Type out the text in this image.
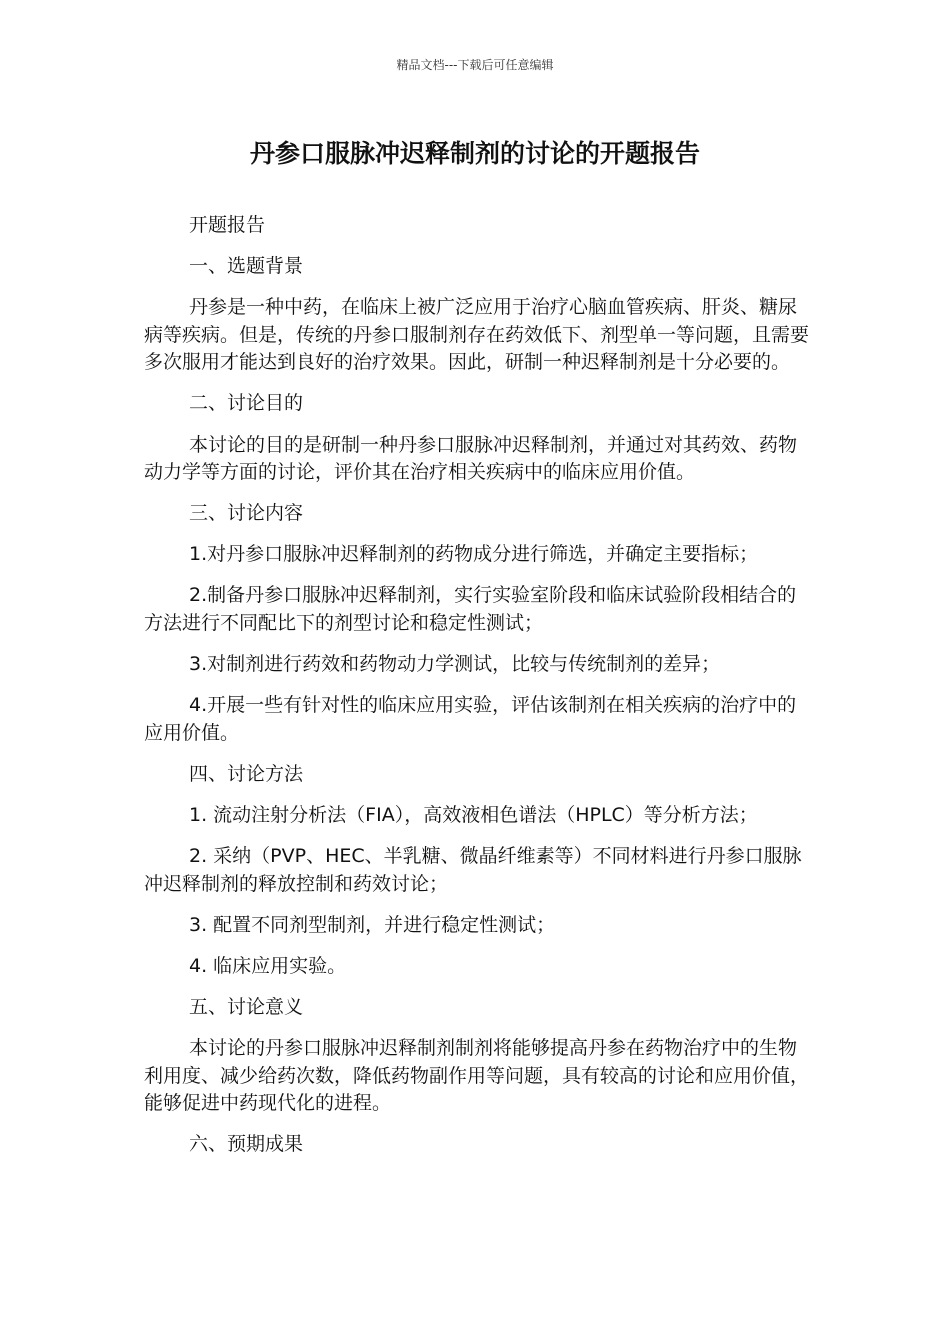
精品文档---下载后可任意编辑
丹参口服脉冲迟释制剂的讨论的开题报告

开题报告

一、选题背景

丹参是一种中药，在临床上被广泛应用于治疗心脑血管疾病、肝炎、糖尿病等疾病。但是，传统的丹参口服制剂存在药效低下、剂型单一等问题，且需要多次服用才能达到良好的治疗效果。因此，研制一种迟释制剂是十分必要的。

二、讨论目的

本讨论的目的是研制一种丹参口服脉冲迟释制剂，并通过对其药效、药物动力学等方面的讨论，评价其在治疗相关疾病中的临床应用价值。

三、讨论内容

1.对丹参口服脉冲迟释制剂的药物成分进行筛选，并确定主要指标；

2.制备丹参口服脉冲迟释制剂，实行实验室阶段和临床试验阶段相结合的方法进行不同配比下的剂型讨论和稳定性测试；

3.对制剂进行药效和药物动力学测试，比较与传统制剂的差异；

4.开展一些有针对性的临床应用实验，评估该制剂在相关疾病的治疗中的应用价值。

四、讨论方法

1. 流动注射分析法（FIA），高效液相色谱法（HPLC）等分析方法；

2. 采纳（PVP、HEC、半乳糖、微晶纤维素等）不同材料进行丹参口服脉冲迟释制剂的释放控制和药效讨论；

3. 配置不同剂型制剂，并进行稳定性测试；

4. 临床应用实验。

五、讨论意义

本讨论的丹参口服脉冲迟释制剂制剂将能够提高丹参在药物治疗中的生物利用度、减少给药次数，降低药物副作用等问题，具有较高的讨论和应用价值，能够促进中药现代化的进程。

六、预期成果
